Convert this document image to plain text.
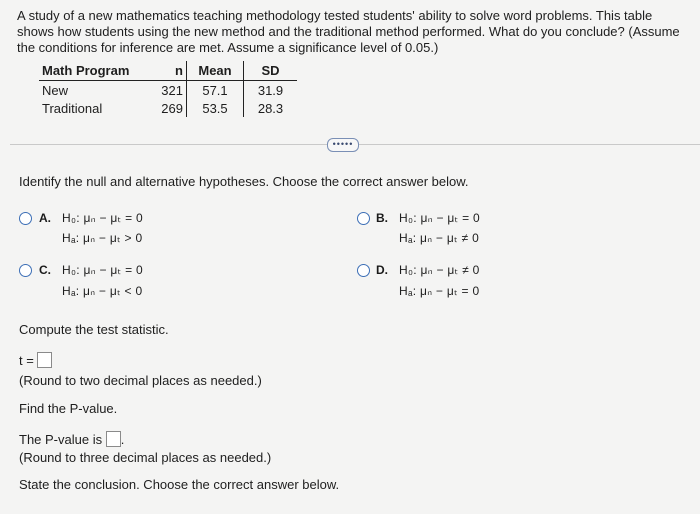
A study of a new mathematics teaching methodology tested students' ability to solve word problems. This table shows how students using the new method and the traditional method performed. What do you conclude? (Assume the conditions for inference are met. Assume a significance level of 0.05.)
Math Program	n	Mean	SD
New	321	57.1	31.9
Traditional	269	53.5	28.3
•••••
Identify the null and alternative hypotheses. Choose the correct answer below.
A. H₀: μₙ − μₜ = 0
Hₐ: μₙ − μₜ > 0
B. H₀: μₙ − μₜ = 0
Hₐ: μₙ − μₜ ≠ 0
C. H₀: μₙ − μₜ = 0
Hₐ: μₙ − μₜ < 0
D. H₀: μₙ − μₜ ≠ 0
Hₐ: μₙ − μₜ = 0
Compute the test statistic.
t =
(Round to two decimal places as needed.)
Find the P-value.
The P-value is .
(Round to three decimal places as needed.)
State the conclusion. Choose the correct answer below.
